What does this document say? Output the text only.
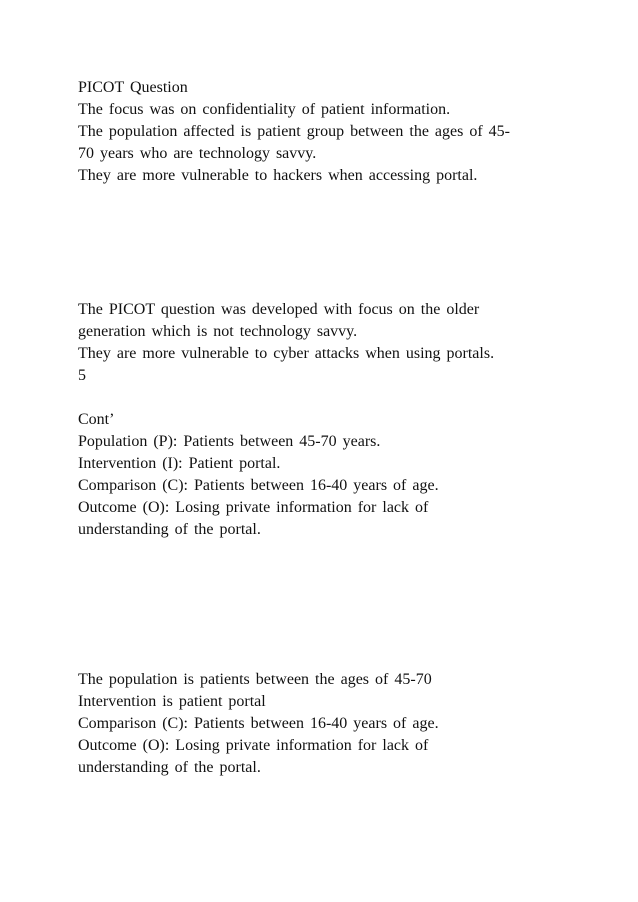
PICOT Question
The focus was on confidentiality of patient information.
The population affected is patient group between the ages of 45-
70 years who are technology savvy.
They are more vulnerable to hackers when accessing portal.
The PICOT question was developed with focus on the older
generation which is not technology savvy.
They are more vulnerable to cyber attacks when using portals.
5
Cont’
Population (P): Patients between 45-70 years.
Intervention (I): Patient portal.
Comparison (C): Patients between 16-40 years of age.
Outcome (O): Losing private information for lack of
understanding of the portal.
The population is patients between the ages of 45-70
Intervention is patient portal
Comparison (C): Patients between 16-40 years of age.
Outcome (O): Losing private information for lack of
understanding of the portal.
